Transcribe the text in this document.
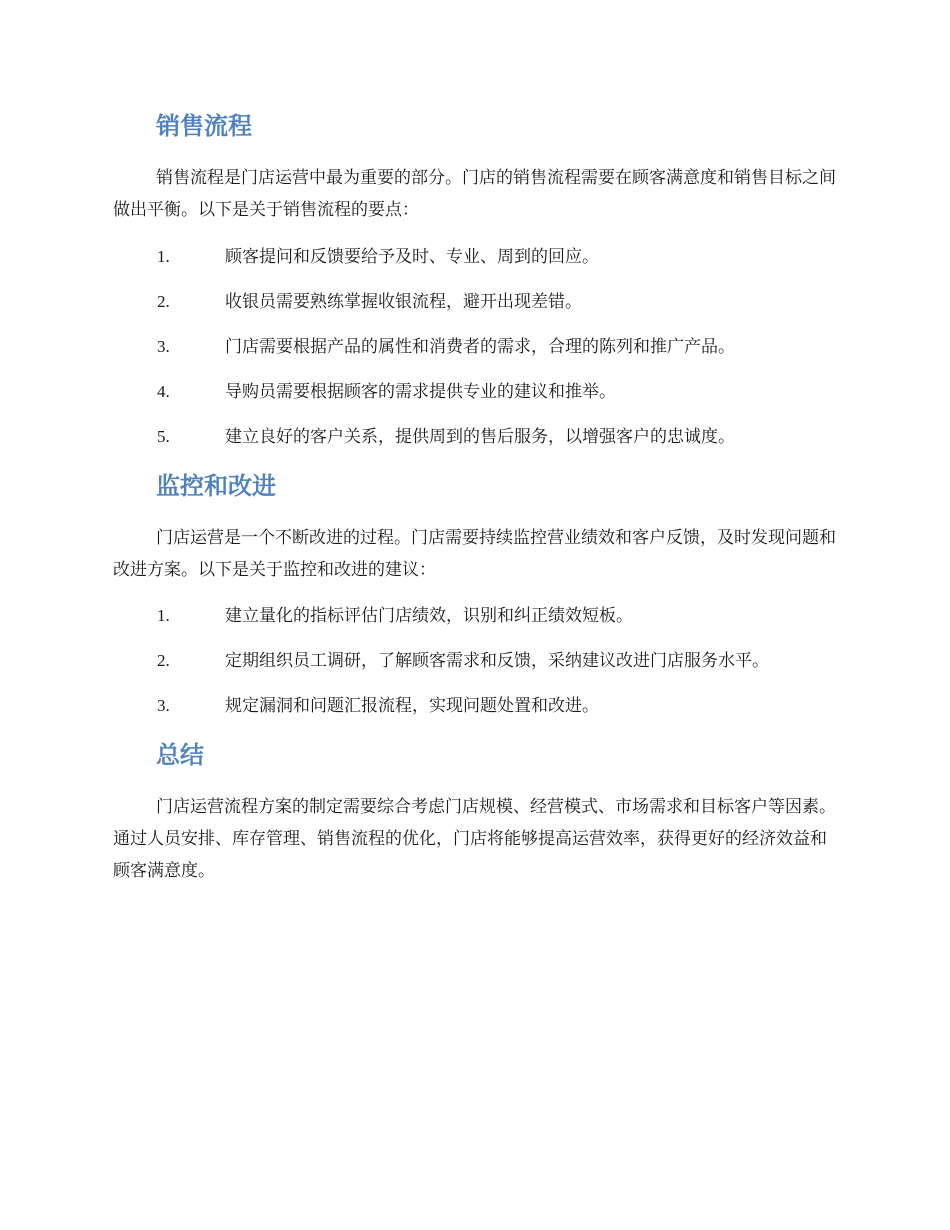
销售流程

销售流程是门店运营中最为重要的部分。门店的销售流程需要在顾客满意度和销售目标之间做出平衡。以下是关于销售流程的要点：

1.	顾客提问和反馈要给予及时、专业、周到的回应。
2.	收银员需要熟练掌握收银流程，避开出现差错。
3.	门店需要根据产品的属性和消费者的需求，合理的陈列和推广产品。
4.	导购员需要根据顾客的需求提供专业的建议和推举。
5.	建立良好的客户关系，提供周到的售后服务，以增强客户的忠诚度。
监控和改进

门店运营是一个不断改进的过程。门店需要持续监控营业绩效和客户反馈，及时发现问题和改进方案。以下是关于监控和改进的建议：

1.	建立量化的指标评估门店绩效，识别和纠正绩效短板。
2.	定期组织员工调研，了解顾客需求和反馈，采纳建议改进门店服务水平。
3.	规定漏洞和问题汇报流程，实现问题处置和改进。
总结

门店运营流程方案的制定需要综合考虑门店规模、经营模式、市场需求和目标客户等因素。通过人员安排、库存管理、销售流程的优化，门店将能够提高运营效率，获得更好的经济效益和顾客满意度。
